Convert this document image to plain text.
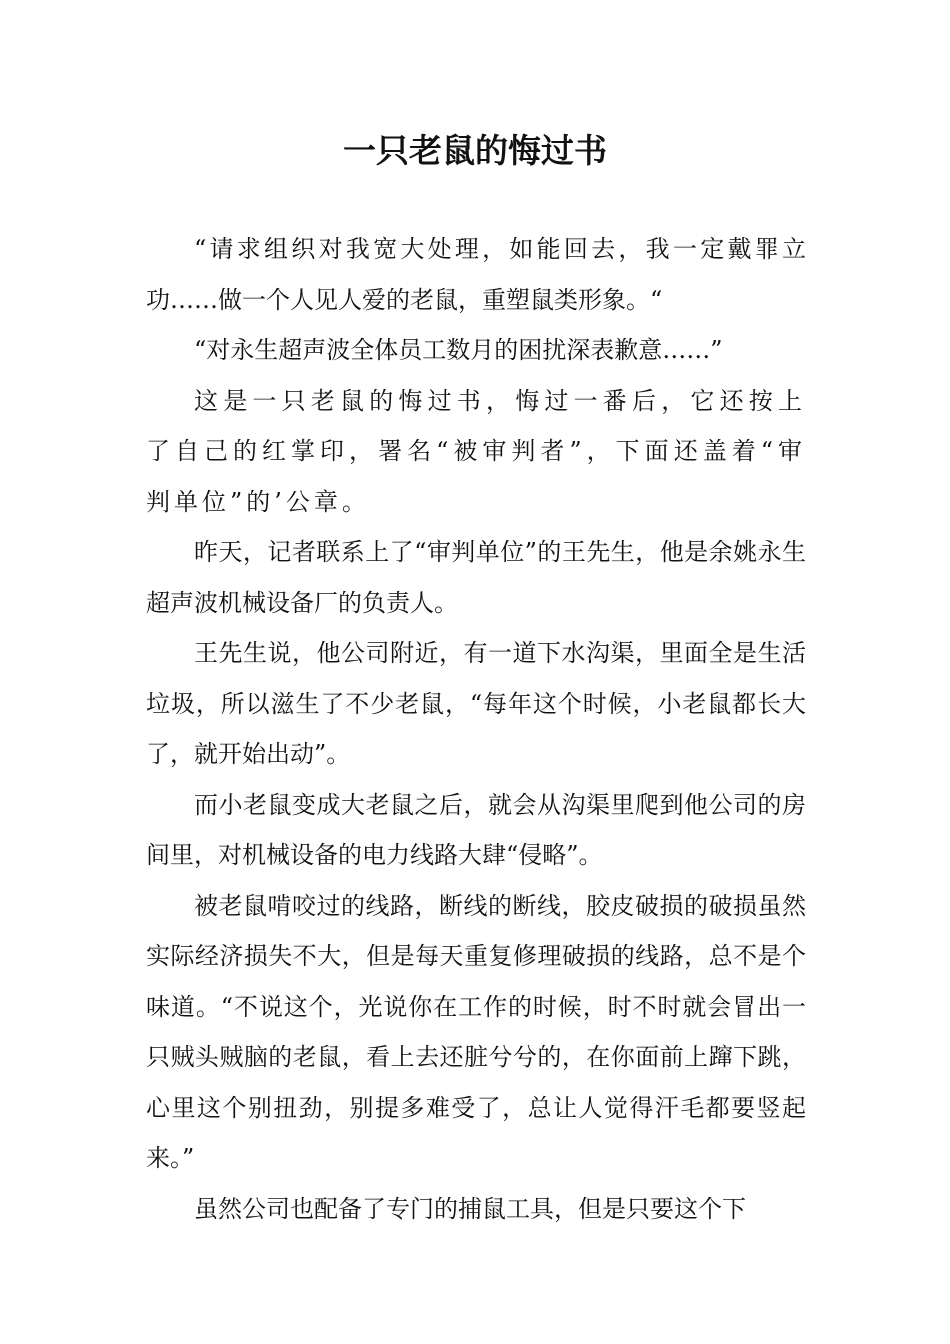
一只老鼠的悔过书

“请求组织对我宽大处理，如能回去，我一定戴罪立功……做一个人见人爱的老鼠，重塑鼠类形象。“

“对永生超声波全体员工数月的困扰深表歉意……”

这是一只老鼠的悔过书，悔过一番后，它还按上了自己的红掌印，署名“被审判者”，下面还盖着“审判单位”的’公章。

昨天，记者联系上了“审判单位”的王先生，他是余姚永生超声波机械设备厂的负责人。

王先生说，他公司附近，有一道下水沟渠，里面全是生活垃圾，所以滋生了不少老鼠，“每年这个时候，小老鼠都长大了，就开始出动”。

而小老鼠变成大老鼠之后，就会从沟渠里爬到他公司的房间里，对机械设备的电力线路大肆“侵略”。

被老鼠啃咬过的线路，断线的断线，胶皮破损的破损虽然实际经济损失不大，但是每天重复修理破损的线路，总不是个味道。“不说这个，光说你在工作的时候，时不时就会冒出一只贼头贼脑的老鼠，看上去还脏兮兮的，在你面前上蹿下跳，心里这个别扭劲，别提多难受了，总让人觉得汗毛都要竖起来。”

虽然公司也配备了专门的捕鼠工具，但是只要这个下
